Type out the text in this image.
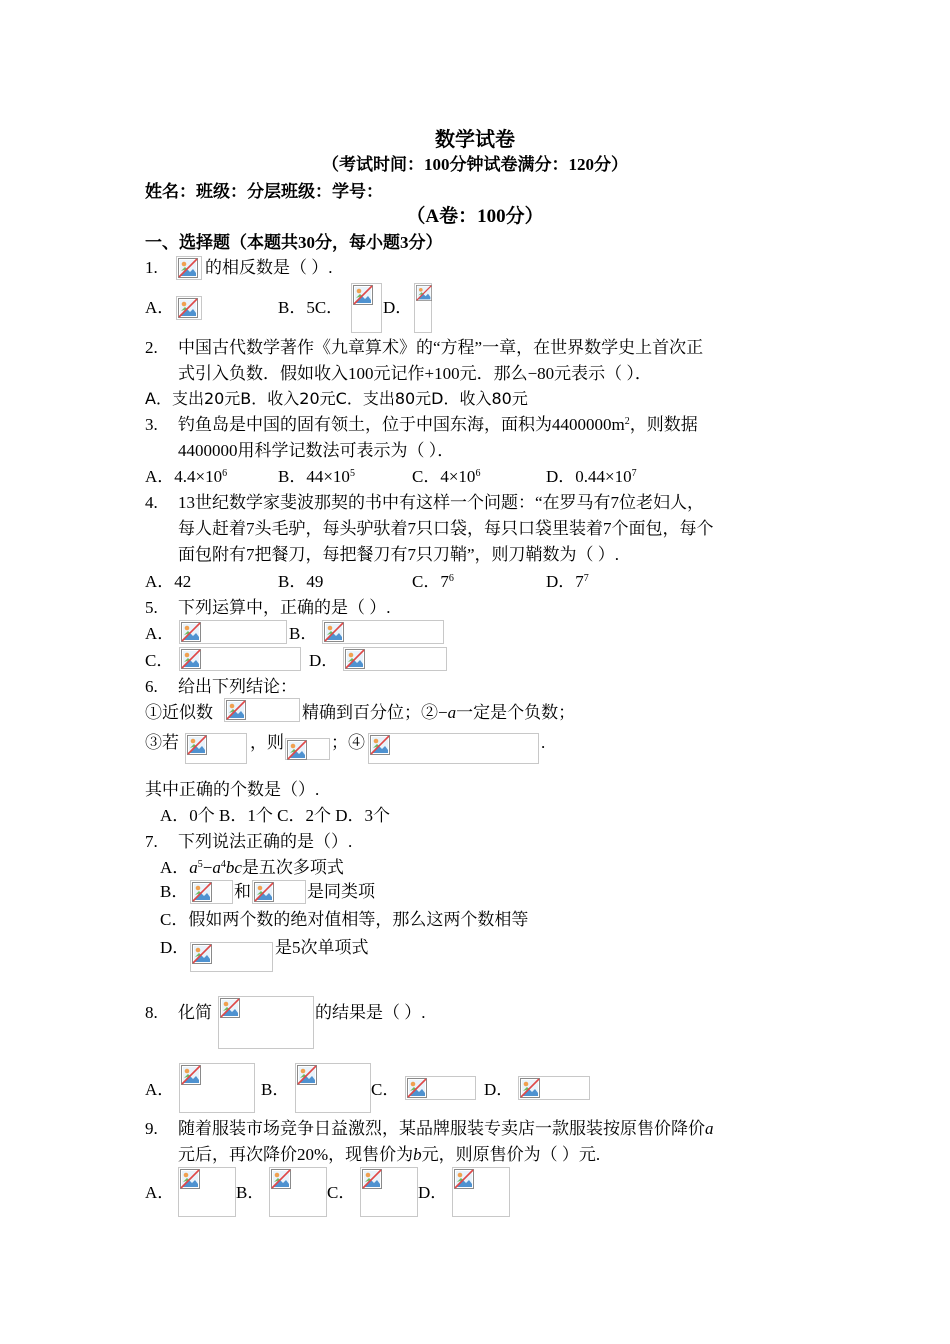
数学试卷
（考试时间：100分钟试卷满分：120分）
姓名：班级：分层班级：学号：
（A卷：100分）
一、选择题（本题共30分，每小题3分）
1.	的相反数是（ ）.
A．	B．5C． D．
2. 中国古代数学著作《九章算术》的“方程”一章，在世界数学史上首次正
式引入负数．假如收入100元记作+100元．那么−80元表示（ ）．
A．支出20元B．收入20元C．支出80元D．收入80元
3. 钓鱼岛是中国的固有领土，位于中国东海，面积为$4400000m^2$，则数据
4400000用科学记数法可表示为（ ）．
A．$4.4\times 10^6$	B．$44\times 10^5$	C．$4\times 10^6$	D．$0.44\times 10^7$
4. 13世纪数学家斐波那契的书中有这样一个问题：“在罗马有7位老妇人，
每人赶着7头毛驴，每头驴驮着7只口袋，每只口袋里装着7个面包，每个
面包附有7把餐刀，每把餐刀有7只刀鞘”，则刀鞘数为（ ）.
A．42	B．49	C．$7^6$	D．$7^7$
5. 下列运算中，正确的是（ ）.
A．	B．
C．	D．
6. 给出下列结论：
①近似数	精确到百分位；②−a一定是个负数；
③若	，则	；④	.
其中正确的个数是（）.
A．0个 B．1个 C．2个 D．3个
7. 下列说法正确的是（）.
A．$a^5-a^4bc$是五次多项式
B．	和	是同类项
C．假如两个数的绝对值相等，那么这两个数相等
D．	是5次单项式
8. 化简	的结果是（ ）.
A．	B．	C．	D．
9. 随着服装市场竞争日益激烈，某品牌服装专卖店一款服装按原售价降价a
元后，再次降价20%，现售价为b元，则原售价为（ ）元.
A．	B．	C．	D．
